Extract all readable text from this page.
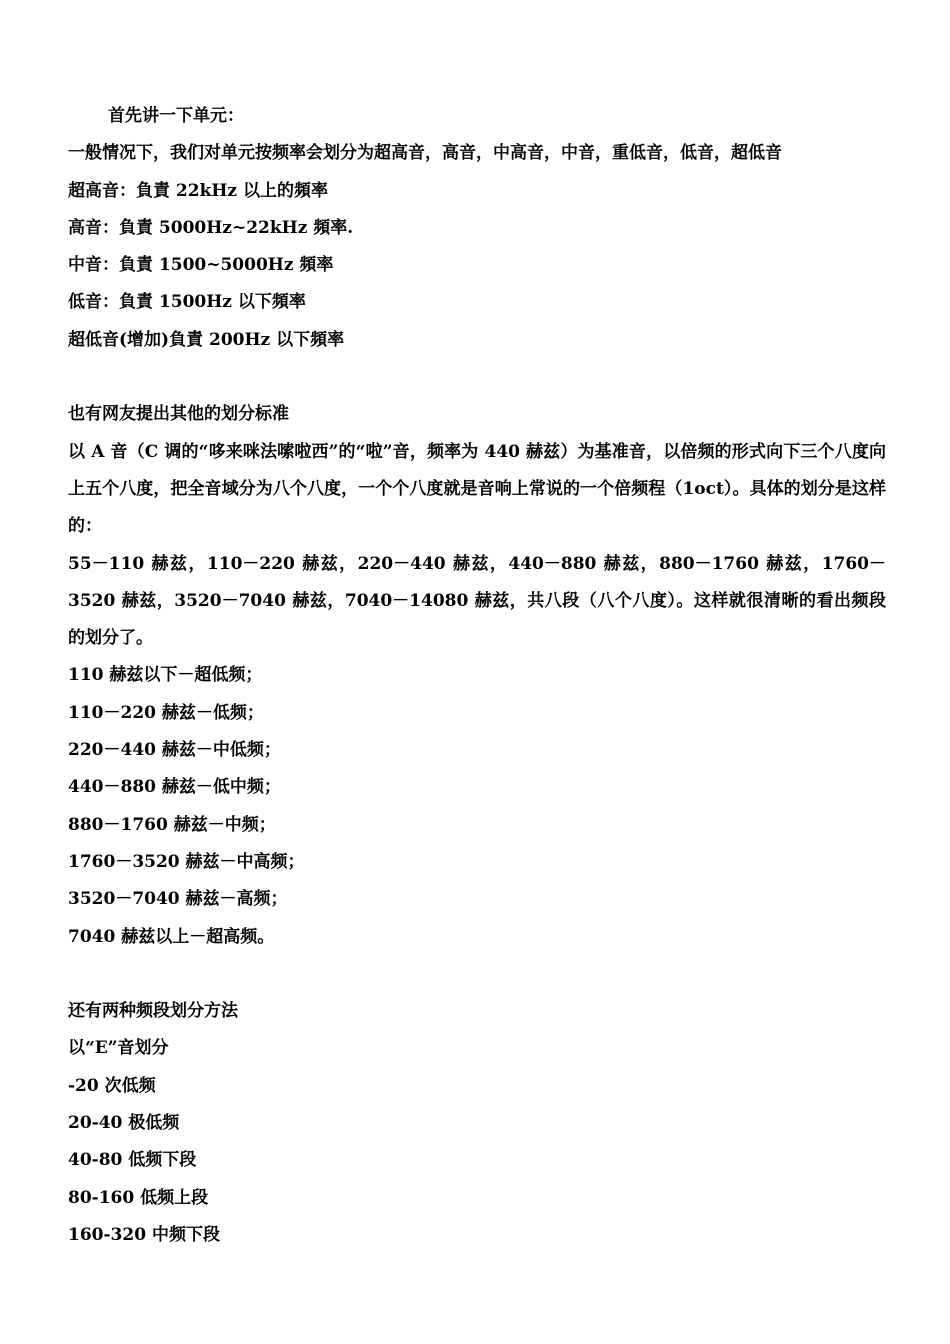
首先讲一下单元：

一般情况下，我们对单元按频率会划分为超高音，高音，中高音，中音，重低音，低音，超低音

超高音：負責 22kHz 以上的頻率

高音：負責 5000Hz~22kHz 頻率.

中音：負責 1500~5000Hz 頻率

低音：負責 1500Hz 以下頻率

超低音(增加)負責 200Hz 以下頻率

也有网友提出其他的划分标准

以 A 音（C 调的“哆来咪法嗦啦西”的“啦”音，频率为 440 赫兹）为基准音，以倍频的形式向下三个八度向上五个八度，把全音域分为八个八度，一个个八度就是音响上常说的一个倍频程（1oct）。具体的划分是这样的：

55－110 赫兹，110－220 赫兹，220－440 赫兹，440－880 赫兹，880－1760 赫兹，1760－3520 赫兹，3520－7040 赫兹，7040－14080 赫兹，共八段（八个八度）。这样就很清晰的看出频段的划分了。

110 赫兹以下－超低频；

110－220 赫兹－低频；

220－440 赫兹－中低频；

440－880 赫兹－低中频；

880－1760 赫兹－中频；

1760－3520 赫兹－中高频；

3520－7040 赫兹－高频；

7040 赫兹以上－超高频。

还有两种频段划分方法

以“E”音划分

-20 次低频

20-40 极低频

40-80 低频下段

80-160 低频上段

160-320 中频下段
